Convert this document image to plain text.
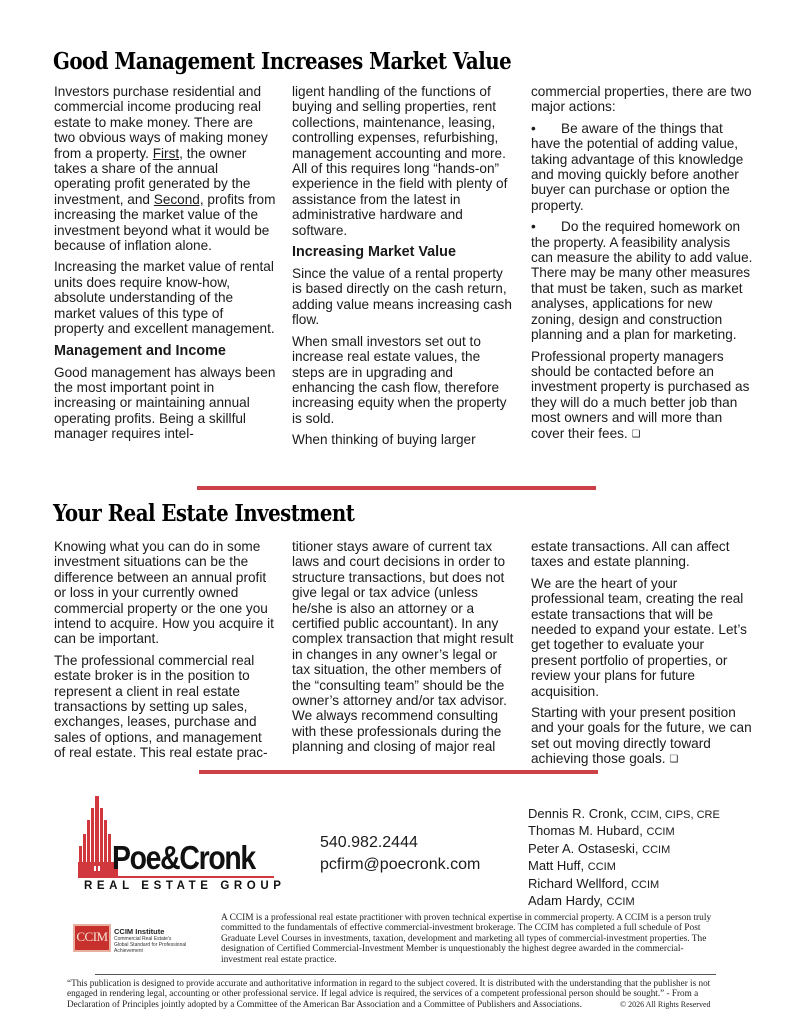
Good Management Increases Market Value

Investors purchase residential and commercial income producing real estate to make money. There are two obvious ways of making money from a property. First, the owner takes a share of the annual operating profit generated by the investment, and Second, profits from increasing the market value of the investment beyond what it would be because of inflation alone.

Increasing the market value of rental units does require know-how, absolute understanding of the market values of this type of property and excellent management.

Management and Income

Good management has always been the most important point in increasing or maintaining annual operating profits. Being a skillful manager requires intel-

ligent handling of the functions of buying and selling properties, rent collections, maintenance, leasing, controlling expenses, refurbishing, management accounting and more. All of this requires long “hands-on” experience in the field with plenty of assistance from the latest in administrative hardware and software.

Increasing Market Value

Since the value of a rental property is based directly on the cash return, adding value means increasing cash flow.

When small investors set out to increase real estate values, the steps are in upgrading and enhancing the cash flow, therefore increasing equity when the property is sold.

When thinking of buying larger

commercial properties, there are two major actions:

• Be aware of the things that have the potential of adding value, taking advantage of this knowledge and moving quickly before another buyer can purchase or option the property.

• Do the required homework on the property. A feasibility analysis can measure the ability to add value. There may be many other measures that must be taken, such as market analyses, applications for new zoning, design and construction planning and a plan for marketing.

Professional property managers should be contacted before an investment property is purchased as they will do a much better job than most owners and will more than cover their fees. ❏

Your Real Estate Investment

Knowing what you can do in some investment situations can be the difference between an annual profit or loss in your currently owned commercial property or the one you intend to acquire. How you acquire it can be important.

The professional commercial real estate broker is in the position to represent a client in real estate transactions by setting up sales, exchanges, leases, purchase and sales of options, and management of real estate. This real estate prac-

titioner stays aware of current tax laws and court decisions in order to structure transactions, but does not give legal or tax advice (unless he/she is also an attorney or a certified public accountant). In any complex transaction that might result in changes in any owner’s legal or tax situation, the other members of the “consulting team” should be the owner’s attorney and/or tax advisor. We always recommend consulting with these professionals during the planning and closing of major real

estate transactions. All can affect taxes and estate planning.

We are the heart of your professional team, creating the real estate transactions that will be needed to expand your estate. Let’s get together to evaluate your present portfolio of properties, or review your plans for future acquisition.

Starting with your present position and your goals for the future, we can set out moving directly toward achieving those goals. ❏

Poe&Cronk
REAL ESTATE GROUP
540.982.2444
pcfirm@poecronk.com
Dennis R. Cronk, CCIM, CIPS, CRE
Thomas M. Hubard, CCIM
Peter A. Ostaseski, CCIM
Matt Huff, CCIM
Richard Wellford, CCIM
Adam Hardy, CCIM
CCIM CCIM Institute
Commercial Real Estate's
Global Standard for Professional Achievement
A CCIM is a professional real estate practitioner with proven technical expertise in commercial property. A CCIM is a person truly committed to the fundamentals of effective commercial-investment brokerage. The CCIM has completed a full schedule of Post Graduate Level Courses in investments, taxation, development and marketing all types of commercial-investment properties. The designation of Certified Commercial-Investment Member is unquestionably the highest degree awarded in the commercial-investment real estate practice.
“This publication is designed to provide accurate and authoritative information in regard to the subject covered. It is distributed with the understanding that the publisher is not engaged in rendering legal, accounting or other professional service. If legal advice is required, the services of a competent professional person should be sought.” - From a Declaration of Principles jointly adopted by a Committee of the American Bar Association and a Committee of Publishers and Associations.	© 2026 All Rights Reserved
